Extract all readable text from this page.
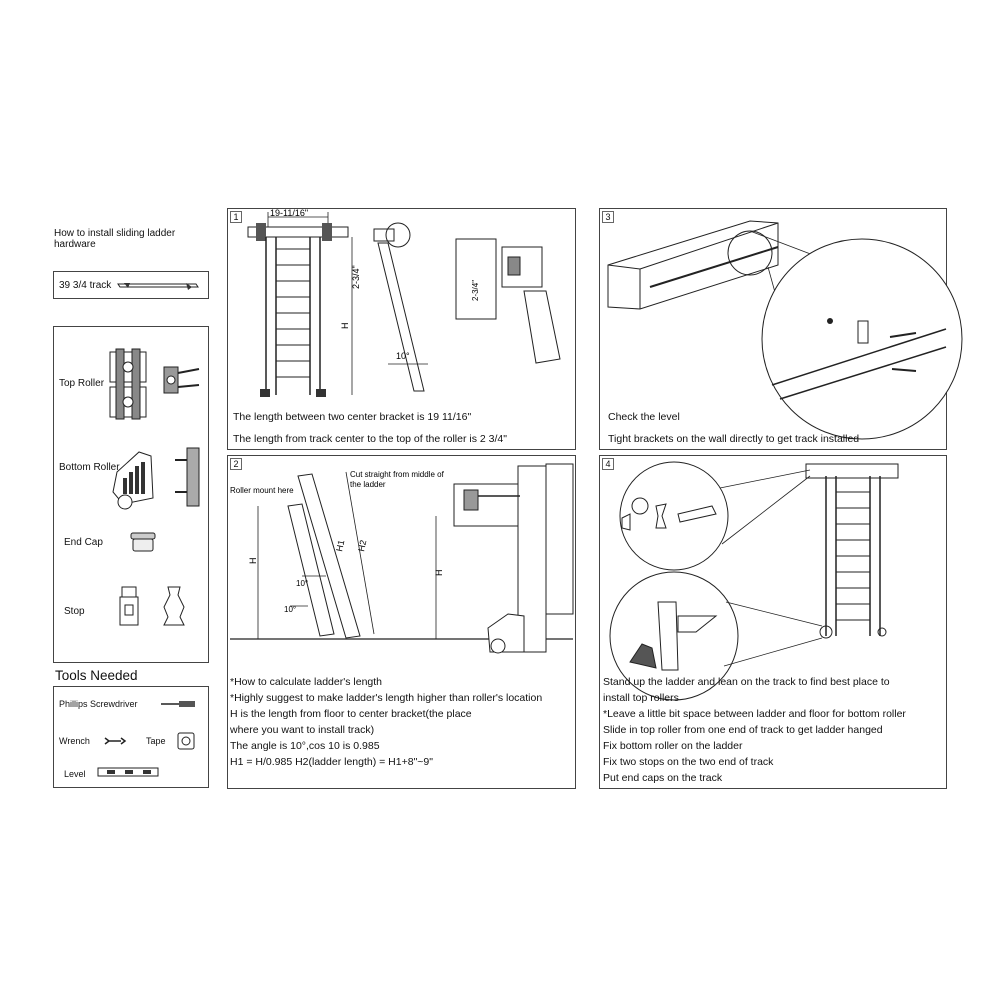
How to install sliding ladder hardware
39 3/4 track
Top Roller
Bottom Roller
End Cap
Stop
Tools Needed
Phillips Screwdriver
Wrench	Tape
Level
1	19-11/16"
2-3/4"
H
10°
2-3/4"
The length between two center bracket is 19 11/16"
The length from track center to the top of the roller is 2 3/4"
2
H
H1 H2
10°
10°
Cut straight from middle of
the ladder
Roller mount here
H
*How to calculate ladder's length
*Highly suggest to make ladder's length higher than roller's location
H is the length from floor to center bracket(the place
where you want to install track)
The angle is 10°,cos 10 is 0.985
H1 = H/0.985 H2(ladder length) = H1+8"~9"
3
Check the level
Tight brackets on the wall directly to get track installed
4
Stand up the ladder and lean on the track to find best place to
install top rollers
*Leave a little bit space between ladder and floor for bottom roller
Slide in top roller from one end of track to get ladder hanged
Fix bottom roller on the ladder
Fix two stops on the two end of track
Put end caps on the track
